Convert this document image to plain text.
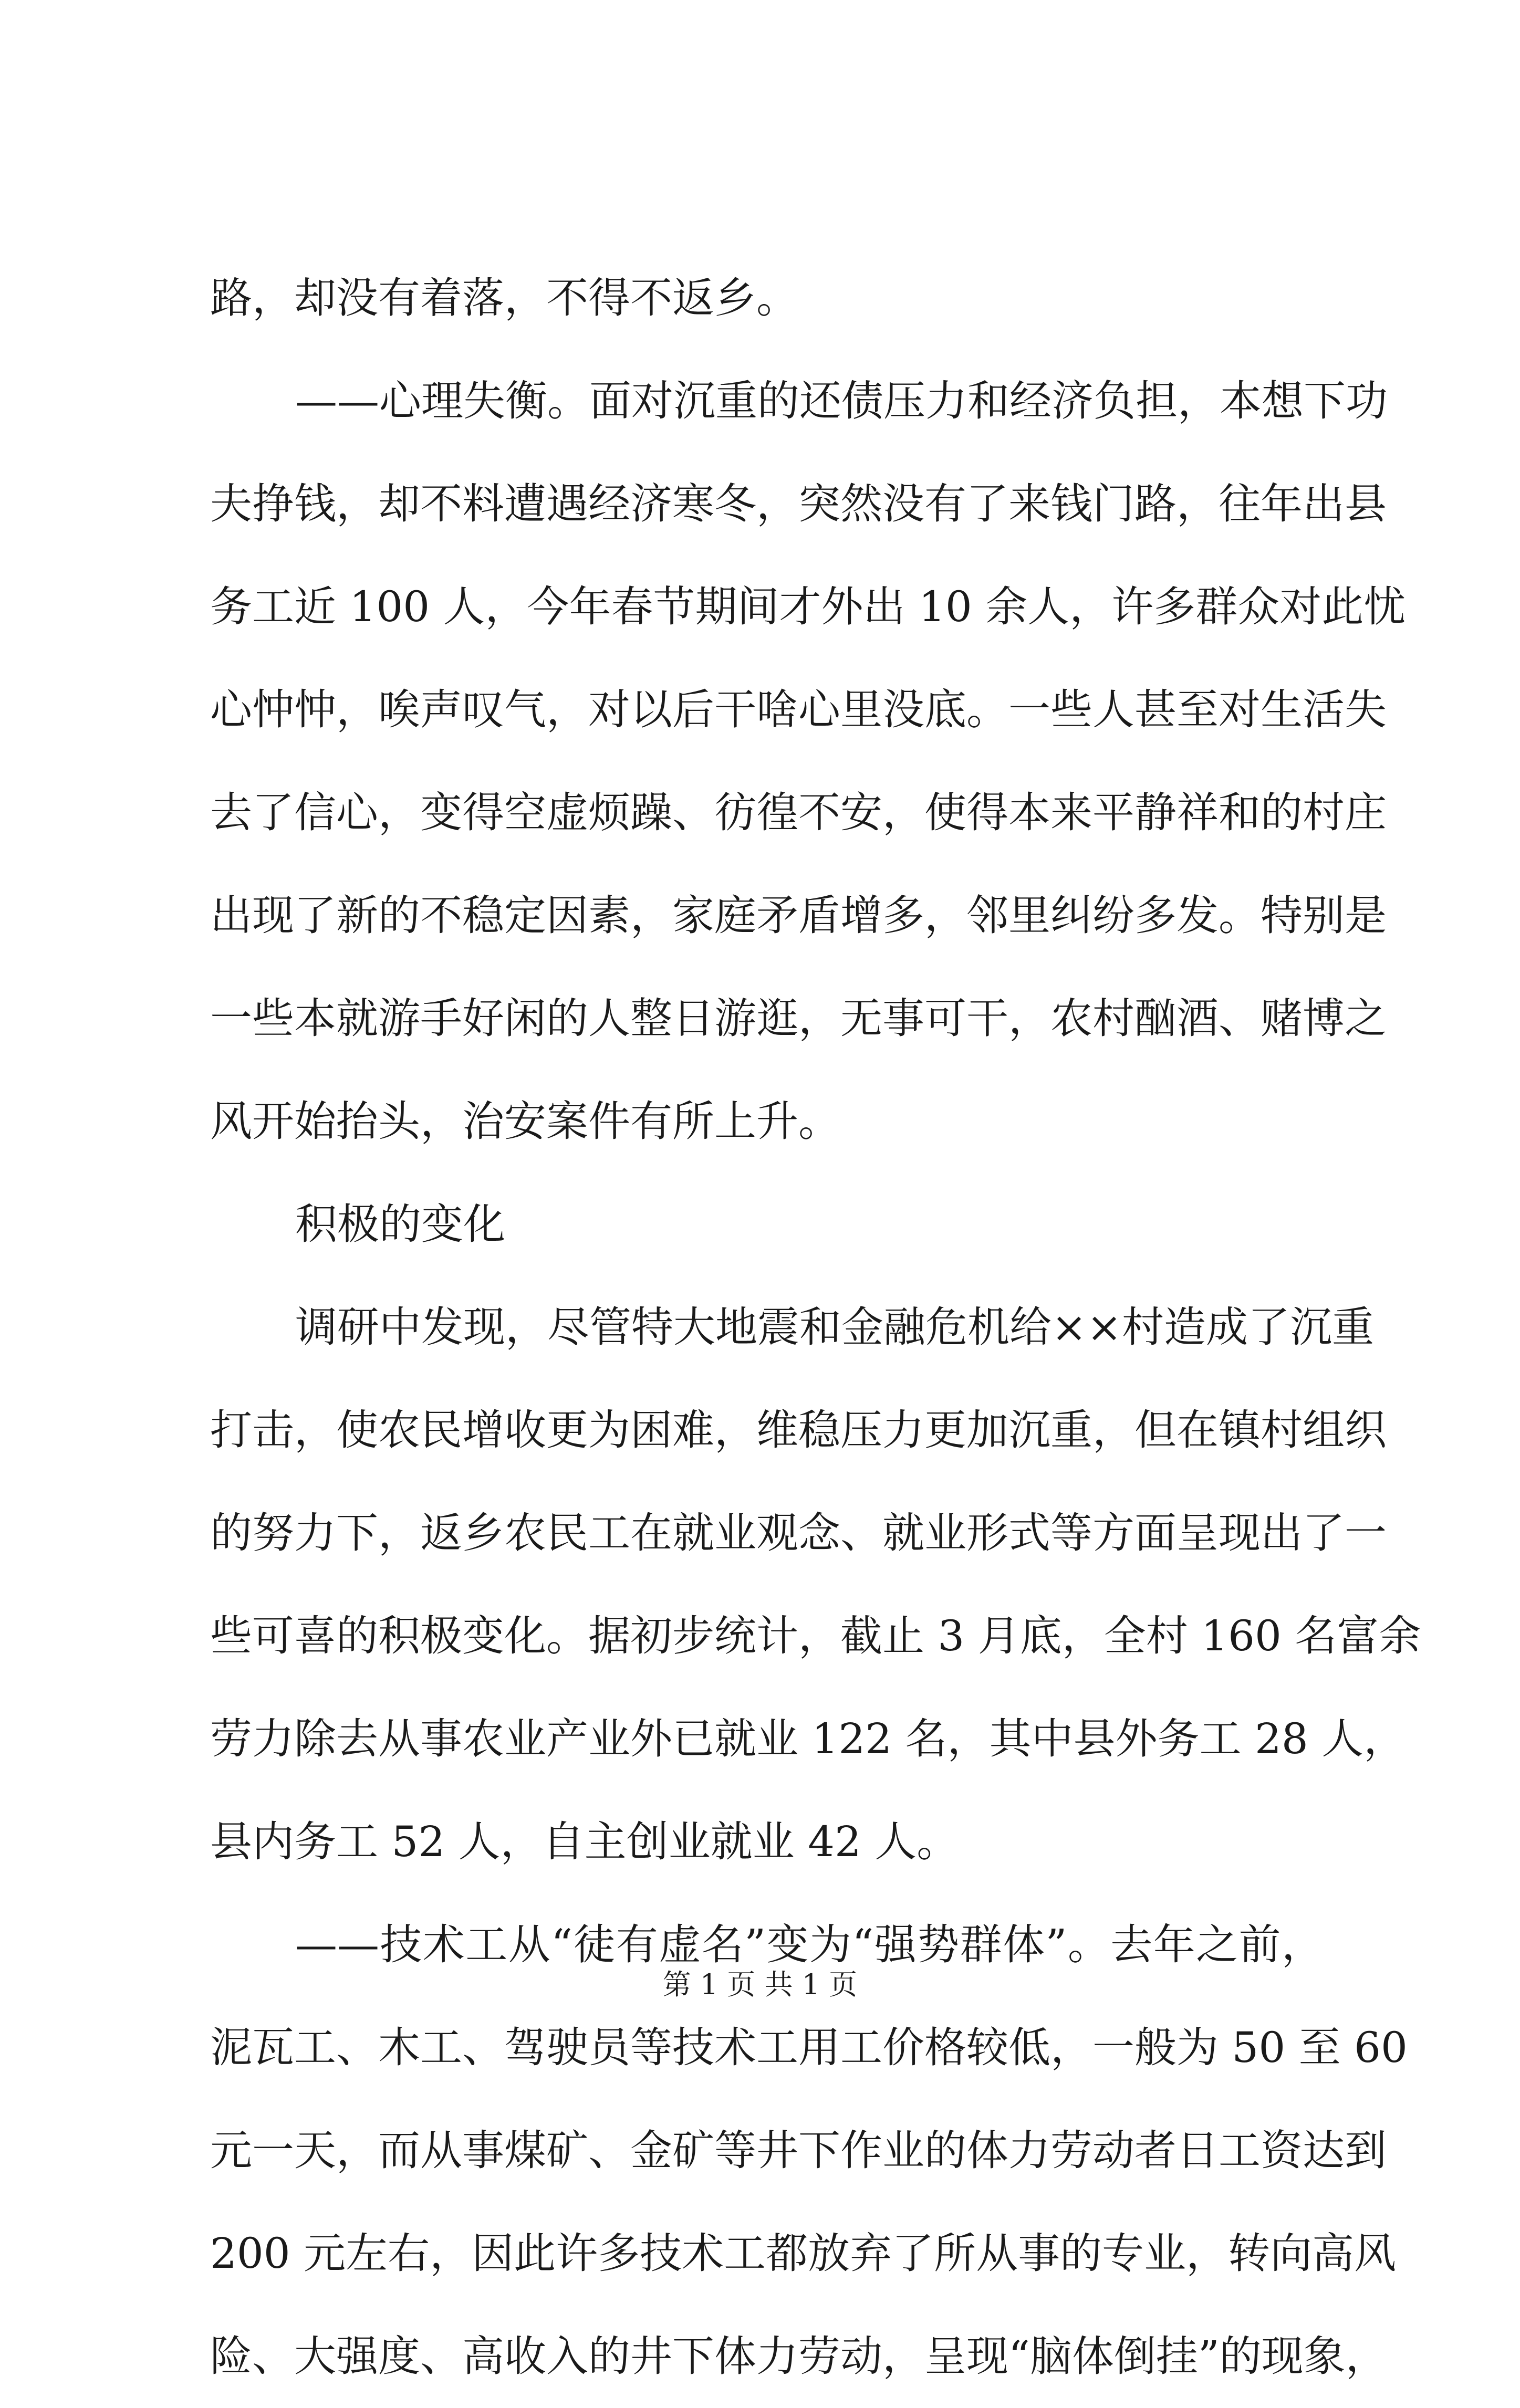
路，却没有着落，不得不返乡。
——心理失衡。面对沉重的还债压力和经济负担，本想下功
夫挣钱，却不料遭遇经济寒冬，突然没有了来钱门路，往年出县
务工近 100 人，今年春节期间才外出 10 余人，许多群众对此忧
心忡忡，唉声叹气，对以后干啥心里没底。一些人甚至对生活失
去了信心，变得空虚烦躁、彷徨不安，使得本来平静祥和的村庄
出现了新的不稳定因素，家庭矛盾增多，邻里纠纷多发。特别是
一些本就游手好闲的人整日游逛，无事可干，农村酗酒、赌博之
风开始抬头，治安案件有所上升。
积极的变化
调研中发现，尽管特大地震和金融危机给××村造成了沉重
打击，使农民增收更为困难，维稳压力更加沉重，但在镇村组织
的努力下，返乡农民工在就业观念、就业形式等方面呈现出了一
些可喜的积极变化。据初步统计，截止 3 月底，全村 160 名富余
劳力除去从事农业产业外已就业 122 名，其中县外务工 28 人，
县内务工 52 人，自主创业就业 42 人。
——技术工从“徒有虚名”变为“强势群体”。去年之前，
泥瓦工、木工、驾驶员等技术工用工价格较低，一般为 50 至 60
元一天，而从事煤矿、金矿等井下作业的体力劳动者日工资达到
200 元左右，因此许多技术工都放弃了所从事的专业，转向高风
险、大强度、高收入的井下体力劳动，呈现“脑体倒挂”的现象，
第 1 页 共 1 页
